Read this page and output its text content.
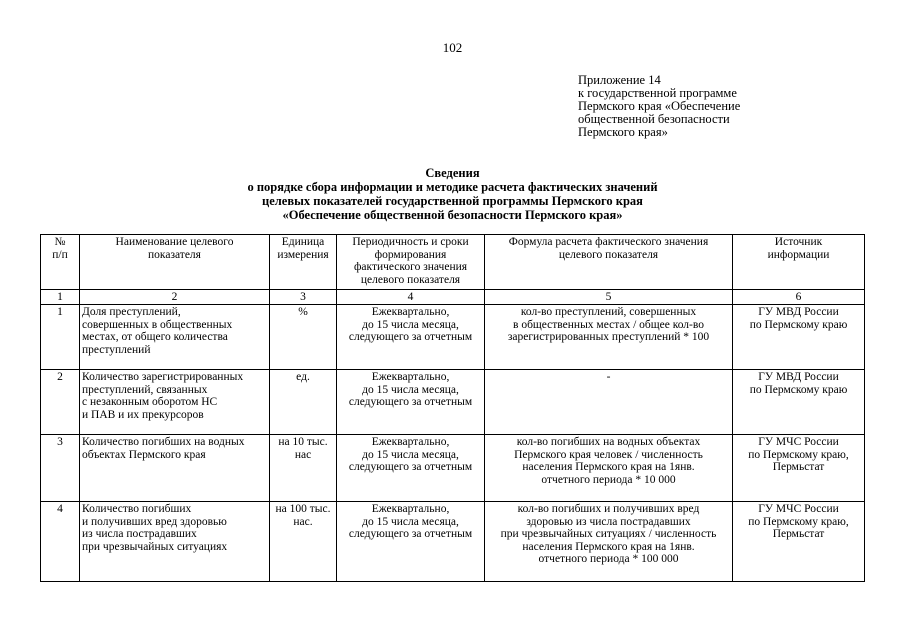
102
Приложение 14
к государственной программе
Пермского края «Обеспечение
общественной безопасности
Пермского края»
Сведения
о порядке сбора информации и методике расчета фактических значений
целевых показателей государственной программы Пермского края
«Обеспечение общественной безопасности Пермского края»
№
п/п	Наименование целевого
показателя	Единица
измерения	Периодичность и сроки
формирования
фактического значения
целевого показателя	Формула расчета фактического значения
целевого показателя	Источник
информации
1	2	3	4	5	6
1	Доля преступлений,
совершенных в общественных
местах, от общего количества
преступлений	%	Ежеквартально,
до 15 числа месяца,
следующего за отчетным	кол-во преступлений, совершенных
в общественных местах / общее кол-во
зарегистрированных преступлений * 100	ГУ МВД России
по Пермскому краю
2	Количество зарегистрированных
преступлений, связанных
с незаконным оборотом НС
и ПАВ и их прекурсоров	ед.	Ежеквартально,
до 15 числа месяца,
следующего за отчетным	-	ГУ МВД России
по Пермскому краю
3	Количество погибших на водных
объектах Пермского края	на 10 тыс.
нас	Ежеквартально,
до 15 числа месяца,
следующего за отчетным	кол-во погибших на водных объектах
Пермского края человек / численность
населения Пермского края на 1янв.
отчетного периода * 10 000	ГУ МЧС России
по Пермскому краю,
Пермьстат
4	Количество погибших
и получивших вред здоровью
из числа пострадавших
при чрезвычайных ситуациях	на 100 тыс.
нас.	Ежеквартально,
до 15 числа месяца,
следующего за отчетным	кол-во погибших и получивших вред
здоровью из числа пострадавших
при чрезвычайных ситуациях / численность
населения Пермского края на 1янв.
отчетного периода * 100 000	ГУ МЧС России
по Пермскому краю,
Пермьстат
